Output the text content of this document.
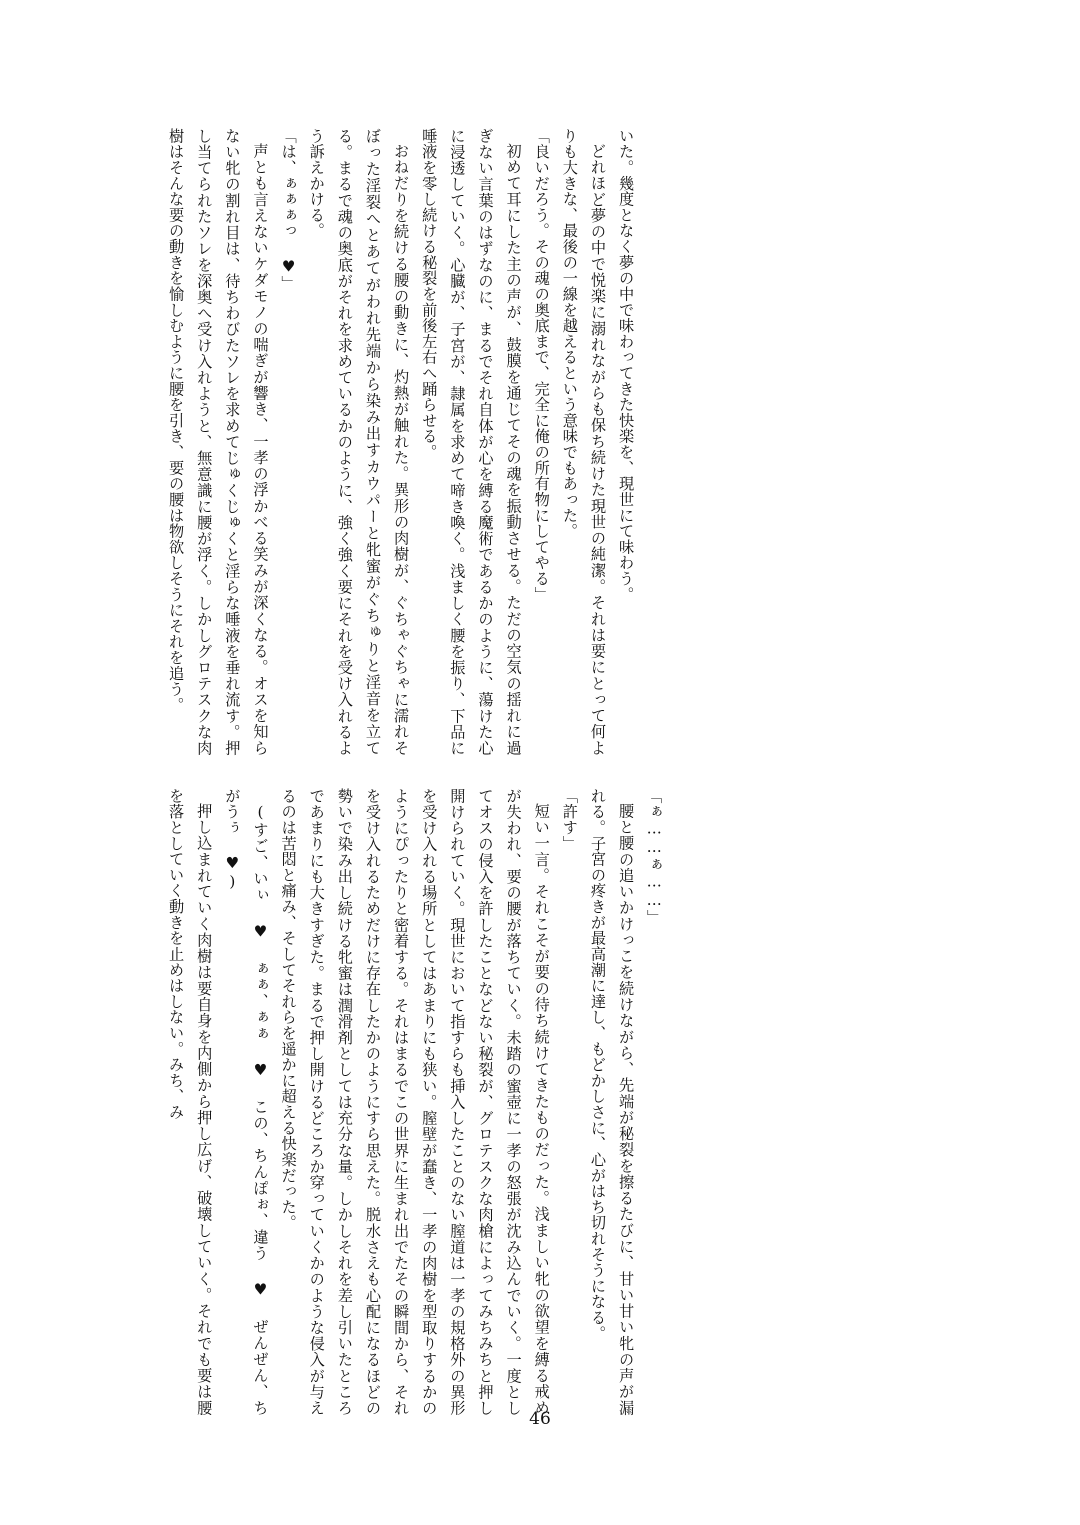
いた。幾度となく夢の中で味わってきた快楽を、現世にて味わう。
どれほど夢の中で悦楽に溺れながらも保ち続けた現世の純潔。それは要にとって何よりも大きな、最後の一線を越えるという意味でもあった。
「良いだろう。その魂の奥底まで、完全に俺の所有物にしてやる」
初めて耳にした主の声が、鼓膜を通じてその魂を振動させる。ただの空気の揺れに過ぎない言葉のはずなのに、まるでそれ自体が心を縛る魔術であるかのように、蕩けた心に浸透していく。心臓が、子宮が、隷属を求めて啼き喚く。浅ましく腰を振り、下品に唾液を零し続ける秘裂を前後左右へ踊らせる。
おねだりを続ける腰の動きに、灼熱が触れた。異形の肉樹が、ぐちゃぐちゃに濡れそぼった淫裂へとあてがわれ先端から染み出すカウパーと牝蜜がぐちゅりと淫音を立てる。まるで魂の奥底がそれを求めているかのように、強く強く要にそれを受け入れるよう訴えかける。
「は、ぁぁぁっ ♥」
声とも言えないケダモノの喘ぎが響き、一孝の浮かべる笑みが深くなる。オスを知らない牝の割れ目は、待ちわびたソレを求めてじゅくじゅくと淫らな唾液を垂れ流す。押し当てられたソレを深奥へ受け入れようと、無意識に腰が浮く。しかしグロテスクな肉樹はそんな要の動きを愉しむように腰を引き、要の腰は物欲しそうにそれを追う。
「ぁ……ぁ……」
腰と腰の追いかけっこを続けながら、先端が秘裂を擦るたびに、甘い甘い牝の声が漏れる。子宮の疼きが最高潮に達し、もどかしさに、心がはち切れそうになる。
「許す」
短い一言。それこそが要の待ち続けてきたものだった。浅ましい牝の欲望を縛る戒めが失われ、要の腰が落ちていく。未踏の蜜壺に一孝の怒張が沈み込んでいく。一度としてオスの侵入を許したことなどない秘裂が、グロテスクな肉槍によってみちみちと押し開けられていく。現世において指すらも挿入したことのない膣道は一孝の規格外の異形を受け入れる場所としてはあまりにも狭い。膣壁が蠢き、一孝の肉樹を型取りするかのようにぴったりと密着する。それはまるでこの世界に生まれ出でたその瞬間から、それを受け入れるためだけに存在したかのようにすら思えた。脱水さえも心配になるほどの勢いで染み出し続ける牝蜜は潤滑剤としては充分な量。しかしそれを差し引いたところであまりにも大きすぎた。まるで押し開けるどころか穿っていくかのような侵入が与えるのは苦悶と痛み、そしてそれらを遥かに超える快楽だった。
(すご、いぃ ♥ ぁぁ、ぁぁ ♥ この、ちんぽぉ、違う ♥ ぜんぜん、ちがうぅ ♥)
押し込まれていく肉樹は要自身を内側から押し広げ、破壊していく。それでも要は腰を落としていく動きを止めはしない。みち、み
46
